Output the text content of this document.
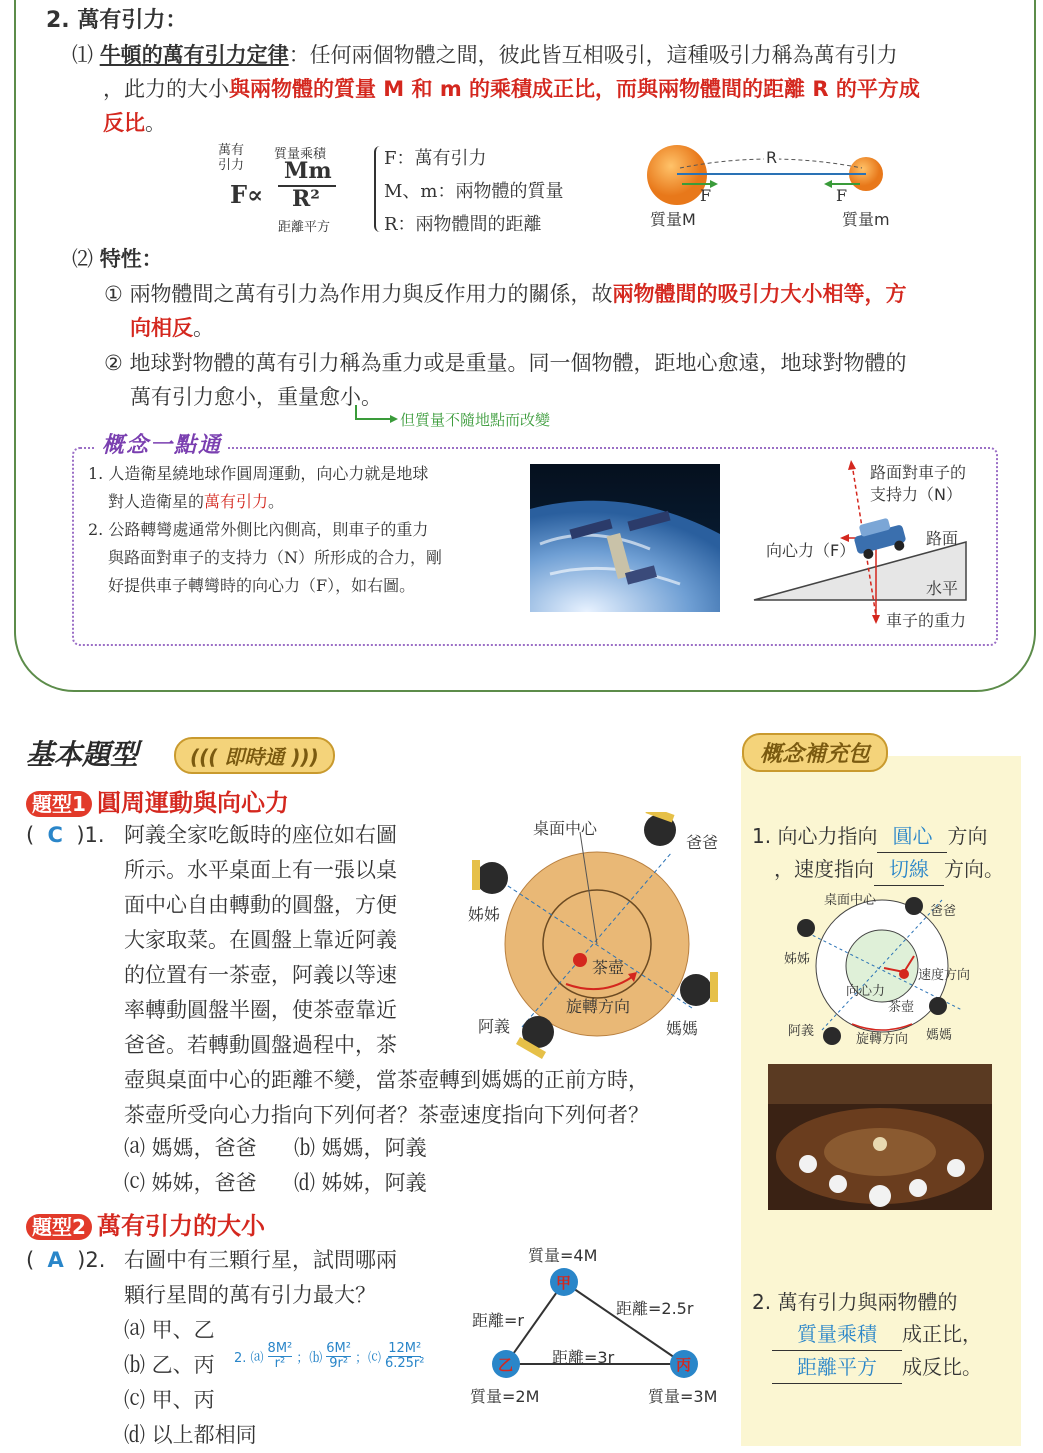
2. 萬有引力：
⑴ 牛頓的萬有引力定律：任何兩個物體之間，彼此皆互相吸引，這種吸引力稱為萬有引力
，此力的大小與兩物體的質量 M 和 m 的乘積成正比，而與兩物體間的距離 R 的平方成
反比。
萬有
引力
質量乘積
F∝
Mm
R²
距離平方
F：萬有引力
M、m：兩物體的質量
R：兩物體間的距離
R
F	F
質量M	質量m
⑵ 特性：
① 兩物體間之萬有引力為作用力與反作用力的關係，故兩物體間的吸引力大小相等，方
向相反。
② 地球對物體的萬有引力稱為重力或是重量。同一個物體，距地心愈遠，地球對物體的
萬有引力愈小，重量愈小。
但質量不隨地點而改變
概念一點通
1. 人造衛星繞地球作圓周運動，向心力就是地球
對人造衛星的萬有引力。
2. 公路轉彎處通常外側比內側高，則車子的重力
與路面對車子的支持力（N）所形成的合力，剛
好提供車子轉彎時的向心力（F），如右圖。
路面對車子的
支持力（N）
路面
向心力（F）
水平
車子的重力
基本題型	((( 即時通 )))	概念補充包
題型1 圓周運動與向心力
(  C )1. 阿義全家吃飯時的座位如右圖
所示。水平桌面上有一張以桌
面中心自由轉動的圓盤，方便
大家取菜。在圓盤上靠近阿義
的位置有一茶壺，阿義以等速
率轉動圓盤半圈，使茶壺靠近
爸爸。若轉動圓盤過程中，茶
壺與桌面中心的距離不變，當茶壺轉到媽媽的正前方時，
茶壺所受向心力指向下列何者？茶壺速度指向下列何者？
⒜ 媽媽，爸爸 ⒝ 媽媽，阿義
⒞ 姊姊，爸爸 ⒟ 姊姊，阿義
桌面中心
爸爸
姊姊
茶壺
旋轉方向
阿義	媽媽
題型2 萬有引力的大小
(  A )2. 右圖中有三顆行星，試問哪兩
顆行星間的萬有引力最大？
⒜ 甲、乙
⒝ 乙、丙
⒞ 甲、丙
⒟ 以上都相同
2. ⒜ $\frac{\text{8M²}}{\text{r²}}$ ；⒝ $\frac{\text{6M²}}{\text{9r²}}$ ；⒞ $\frac{\text{12M²}}{\text{6.25r²}}$
甲
乙	丙
質量=4M
質量=2M	質量=3M
距離=r
距離=2.5r
距離=3r
1. 向心力指向 圓心 方向
，速度指向 切線 方向。
桌面中心
爸爸
姊姊
速度方向
向心力
茶壺
阿義
旋轉方向 媽媽
2. 萬有引力與兩物體的
質量乘積 成正比，
距離平方 成反比。
